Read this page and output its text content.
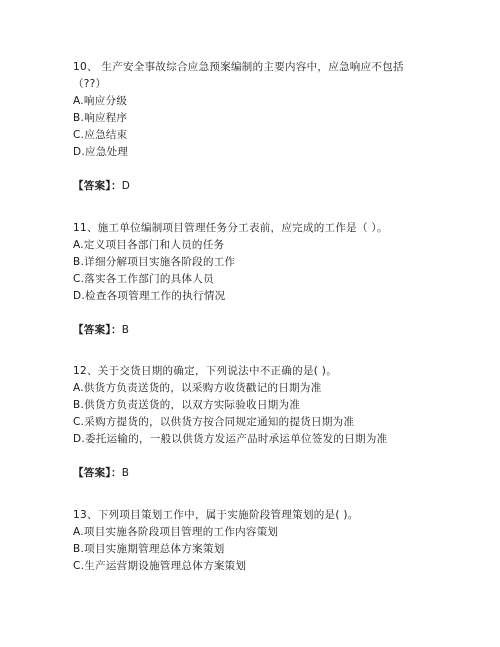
10、 生产安全事故综合应急预案编制的主要内容中，应急响应不包括
（??）
A.响应分级
B.响应程序
C.应急结束
D.应急处理
【答案】：D
11、施工单位编制项目管理任务分工表前，应完成的工作是（ ）。
A.定义项目各部门和人员的任务
B.详细分解项目实施各阶段的工作
C.落实各工作部门的具体人员
D.检查各项管理工作的执行情况
【答案】：B
12、关于交货日期的确定，下列说法中不正确的是( )。
A.供货方负责送货的，以采购方收货戳记的日期为准
B.供货方负责送货的，以双方实际验收日期为准
C.采购方提货的，以供货方按合同规定通知的提货日期为准
D.委托运输的，一般以供货方发运产品时承运单位签发的日期为准
【答案】：B
13、下列项目策划工作中，属于实施阶段管理策划的是( )。
A.项目实施各阶段项目管理的工作内容策划
B.项目实施期管理总体方案策划
C.生产运营期设施管理总体方案策划
